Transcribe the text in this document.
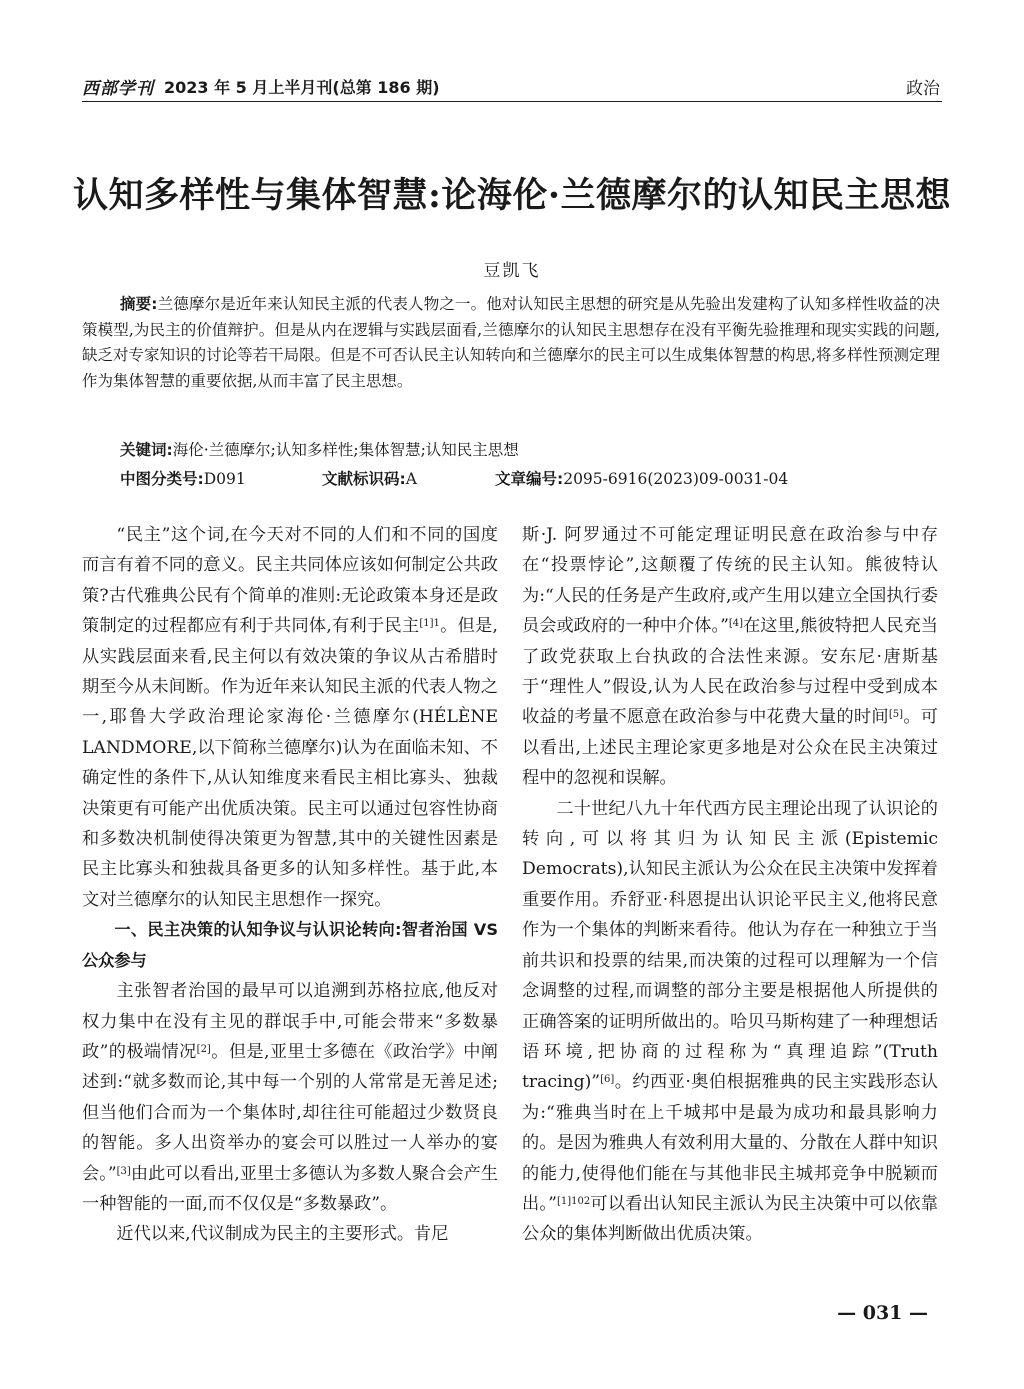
西部学刊 2023 年 5 月上半月刊(总第 186 期)	政治
认知多样性与集体智慧:论海伦·兰德摩尔的认知民主思想
豆凯飞
摘要:兰德摩尔是近年来认知民主派的代表人物之一。他对认知民主思想的研究是从先验出发建构了认知多样性收益的决策模型,为民主的价值辩护。但是从内在逻辑与实践层面看,兰德摩尔的认知民主思想存在没有平衡先验推理和现实实践的问题,缺乏对专家知识的讨论等若干局限。但是不可否认民主认知转向和兰德摩尔的民主可以生成集体智慧的构思,将多样性预测定理作为集体智慧的重要依据,从而丰富了民主思想。
关键词:海伦·兰德摩尔;认知多样性;集体智慧;认知民主思想
中图分类号:D091	文献标识码:A	文章编号:2095-6916(2023)09-0031-04

“民主”这个词,在今天对不同的人们和不同的国度而言有着不同的意义。民主共同体应该如何制定公共政策?古代雅典公民有个简单的准则:无论政策本身还是政策制定的过程都应有利于共同体,有利于民主$^{[1]1}$。但是,从实践层面来看,民主何以有效决策的争议从古希腊时期至今从未间断。作为近年来认知民主派的代表人物之一,耶鲁大学政治理论家海伦·兰德摩尔(HÉLÈNE LANDMORE,以下简称兰德摩尔)认为在面临未知、不确定性的条件下,从认知维度来看民主相比寡头、独裁决策更有可能产出优质决策。民主可以通过包容性协商和多数决机制使得决策更为智慧,其中的关键性因素是民主比寡头和独裁具备更多的认知多样性。基于此,本文对兰德摩尔的认知民主思想作一探究。

一、民主决策的认知争议与认识论转向:智者治国 VS 公众参与

主张智者治国的最早可以追溯到苏格拉底,他反对权力集中在没有主见的群氓手中,可能会带来“多数暴政”的极端情况[2]。但是,亚里士多德在《政治学》中阐述到:“就多数而论,其中每一个别的人常常是无善足述;但当他们合而为一个集体时,却往往可能超过少数贤良的智能。多人出资举办的宴会可以胜过一人举办的宴会。”[3]由此可以看出,亚里士多德认为多数人聚合会产生一种智能的一面,而不仅仅是“多数暴政”。

近代以来,代议制成为民主的主要形式。肯尼

斯·J. 阿罗通过不可能定理证明民意在政治参与中存在“投票悖论”,这颠覆了传统的民主认知。熊彼特认为:“人民的任务是产生政府,或产生用以建立全国执行委员会或政府的一种中介体。”[4]在这里,熊彼特把人民充当了政党获取上台执政的合法性来源。安东尼·唐斯基于“理性人”假设,认为人民在政治参与过程中受到成本收益的考量不愿意在政治参与中花费大量的时间[5]。可以看出,上述民主理论家更多地是对公众在民主决策过程中的忽视和误解。

二十世纪八九十年代西方民主理论出现了认识论的转向,可以将其归为认知民主派(Epistemic Democrats),认知民主派认为公众在民主决策中发挥着重要作用。乔舒亚·科恩提出认识论平民主义,他将民意作为一个集体的判断来看待。他认为存在一种独立于当前共识和投票的结果,而决策的过程可以理解为一个信念调整的过程,而调整的部分主要是根据他人所提供的正确答案的证明所做出的。哈贝马斯构建了一种理想话语环境,把协商的过程称为“真理追踪”(Truth tracing)”[6]。约西亚·奥伯根据雅典的民主实践形态认为:“雅典当时在上千城邦中是最为成功和最具影响力的。是因为雅典人有效利用大量的、分散在人群中知识的能力,使得他们能在与其他非民主城邦竞争中脱颖而出。”$^{[1]102}$可以看出认知民主派认为民主决策中可以依靠公众的集体判断做出优质决策。

— 031 —
